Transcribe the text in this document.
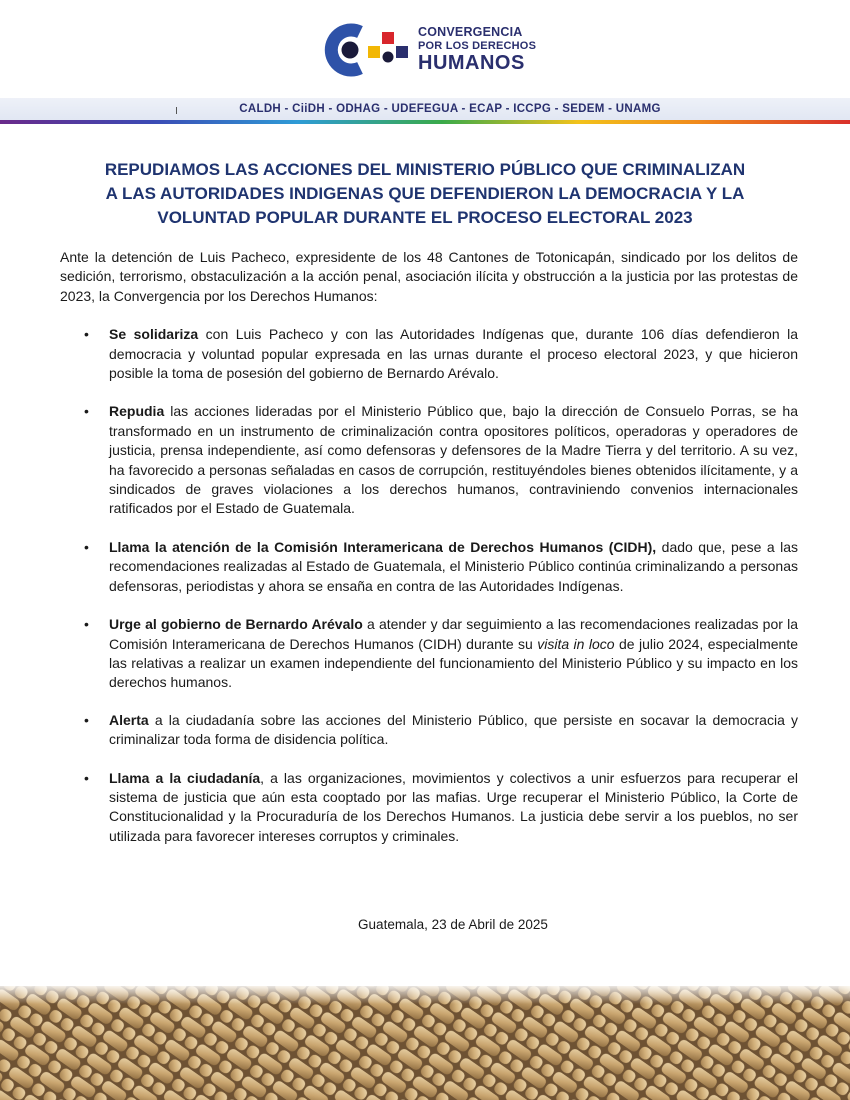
CONVERGENCIA
POR LOS DERECHOS
HUMANOS
CALDH - CiiDH - ODHAG - UDEFEGUA - ECAP - ICCPG - SEDEM - UNAMG
REPUDIAMOS LAS ACCIONES DEL MINISTERIO PÚBLICO QUE CRIMINALIZAN
A LAS AUTORIDADES INDIGENAS QUE DEFENDIERON LA DEMOCRACIA Y LA
VOLUNTAD POPULAR DURANTE EL PROCESO ELECTORAL 2023

Ante la detención de Luis Pacheco, expresidente de los 48 Cantones de Totonicapán, sindicado por los delitos de sedición, terrorismo, obstaculización a la acción penal, asociación ilícita y obstrucción a la justicia por las protestas de 2023, la Convergencia por los Derechos Humanos:

• Se solidariza con Luis Pacheco y con las Autoridades Indígenas que, durante 106 días defendieron la democracia y voluntad popular expresada en las urnas durante el proceso electoral 2023, y que hicieron posible la toma de posesión del gobierno de Bernardo Arévalo.
• Repudia las acciones lideradas por el Ministerio Público que, bajo la dirección de Consuelo Porras, se ha transformado en un instrumento de criminalización contra opositores políticos, operadoras y operadores de justicia, prensa independiente, así como defensoras y defensores de la Madre Tierra y del territorio. A su vez, ha favorecido a personas señaladas en casos de corrupción, restituyéndoles bienes obtenidos ilícitamente, y a sindicados de graves violaciones a los derechos humanos, contraviniendo convenios internacionales ratificados por el Estado de Guatemala.
• Llama la atención de la Comisión Interamericana de Derechos Humanos (CIDH), dado que, pese a las recomendaciones realizadas al Estado de Guatemala, el Ministerio Público continúa criminalizando a personas defensoras, periodistas y ahora se ensaña en contra de las Autoridades Indígenas.
• Urge al gobierno de Bernardo Arévalo a atender y dar seguimiento a las recomendaciones realizadas por la Comisión Interamericana de Derechos Humanos (CIDH) durante su visita in loco de julio 2024, especialmente las relativas a realizar un examen independiente del funcionamiento del Ministerio Público y su impacto en los derechos humanos.
• Alerta a la ciudadanía sobre las acciones del Ministerio Público, que persiste en socavar la democracia y criminalizar toda forma de disidencia política.
• Llama a la ciudadanía, a las organizaciones, movimientos y colectivos a unir esfuerzos para recuperar el sistema de justicia que aún esta cooptado por las mafias. Urge recuperar el Ministerio Público, la Corte de Constitucionalidad y la Procuraduría de los Derechos Humanos. La justicia debe servir a los pueblos, no ser utilizada para favorecer intereses corruptos y criminales.
Guatemala, 23 de Abril de 2025
